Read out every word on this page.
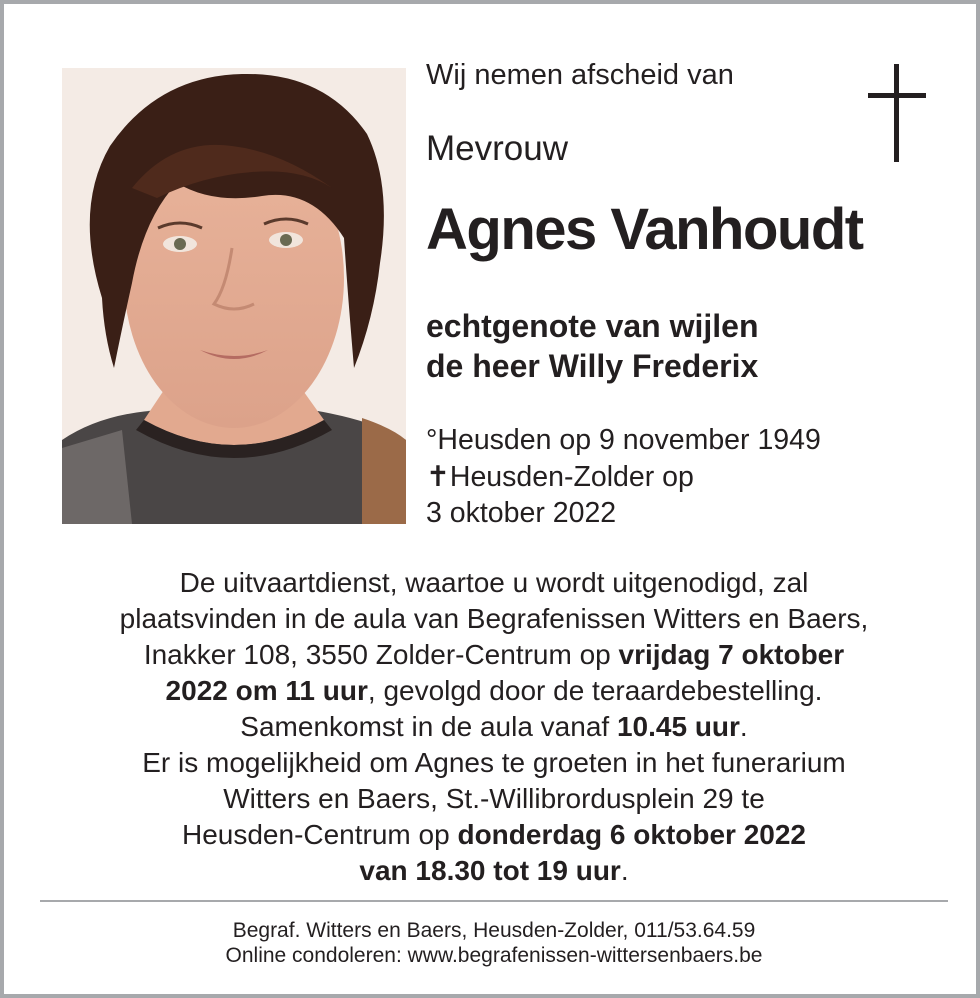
Wij nemen afscheid van
Mevrouw
Agnes Vanhoudt
echtgenote van wijlen
de heer Willy Frederix
°Heusden op 9 november 1949
✝Heusden-Zolder op
3 oktober 2022
De uitvaartdienst, waartoe u wordt uitgenodigd, zal
plaatsvinden in de aula van Begrafenissen Witters en Baers,
Inakker 108, 3550 Zolder-Centrum op vrijdag 7 oktober
2022 om 11 uur, gevolgd door de teraardebestelling.
Samenkomst in de aula vanaf 10.45 uur.
Er is mogelijkheid om Agnes te groeten in het funerarium
Witters en Baers, St.-Willibrordusplein 29 te
Heusden-Centrum op donderdag 6 oktober 2022
van 18.30 tot 19 uur.
Begraf. Witters en Baers, Heusden-Zolder, 011/53.64.59
Online condoleren: www.begrafenissen-wittersenbaers.be
